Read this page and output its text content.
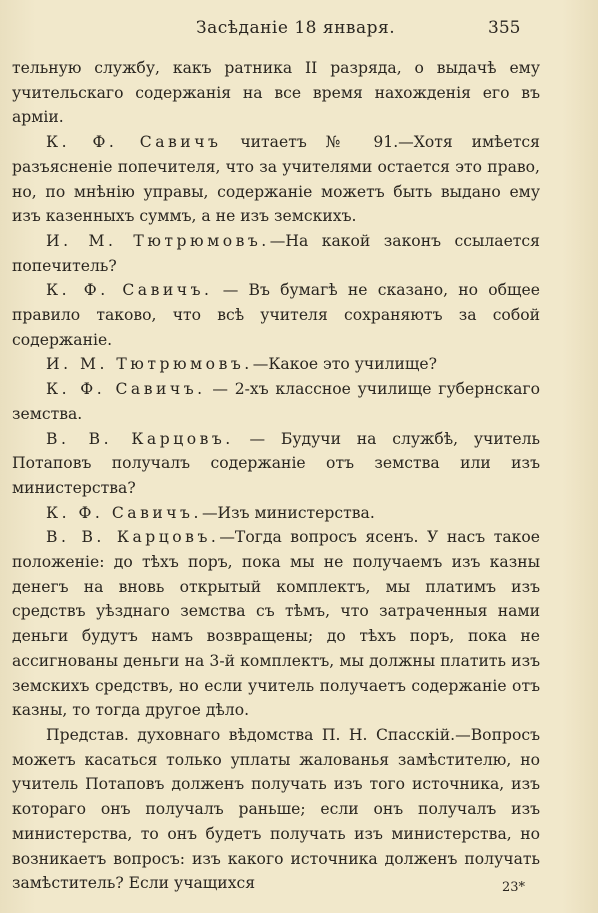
Засѣданіе 18 января.	355

тельную службу, какъ ратника II разряда, о выдачѣ ему учительскаго содержанія на все время нахожденія его въ арміи.

К. Ф. Савичъ читаетъ № 91.—Хотя имѣется разъясненіе попечителя, что за учителями остается это право, но, по мнѣнію управы, содержаніе можетъ быть выдано ему изъ казенныхъ суммъ, а не изъ земскихъ.

И. М. Тютрюмовъ.—На какой законъ ссылается попечитель?

К. Ф. Савичъ. — Въ бумагѣ не сказано, но общее правило таково, что всѣ учителя сохраняютъ за собой содержаніе.

И. М. Тютрюмовъ.—Какое это училище?

К. Ф. Савичъ. — 2-хъ классное училище губернскаго земства.

В. В. Карцовъ. — Будучи на службѣ, учитель Потаповъ получалъ содержаніе отъ земства или изъ министерства?

К. Ф. Савичъ.—Изъ министерства.

В. В. Карцовъ.—Тогда вопросъ ясенъ. У насъ такое положеніе: до тѣхъ поръ, пока мы не получаемъ изъ казны денегъ на вновь открытый комплектъ, мы платимъ изъ средствъ уѣзднаго земства съ тѣмъ, что затраченныя нами деньги будутъ намъ возвращены; до тѣхъ поръ, пока не ассигнованы деньги на 3-й комплектъ, мы должны платить изъ земскихъ средствъ, но если учитель получаетъ содержаніе отъ казны, то тогда другое дѣло.

Представ. духовнаго вѣдомства П. Н. Спасскій.—Вопросъ можетъ касаться только уплаты жалованья замѣстителю, но учитель Потаповъ долженъ получать изъ того источника, изъ котораго онъ получалъ раньше; если онъ получалъ изъ министерства, то онъ будетъ получать изъ министерства, но возникаетъ вопросъ: изъ какого источника долженъ получать замѣститель? Если учащихся	23*
